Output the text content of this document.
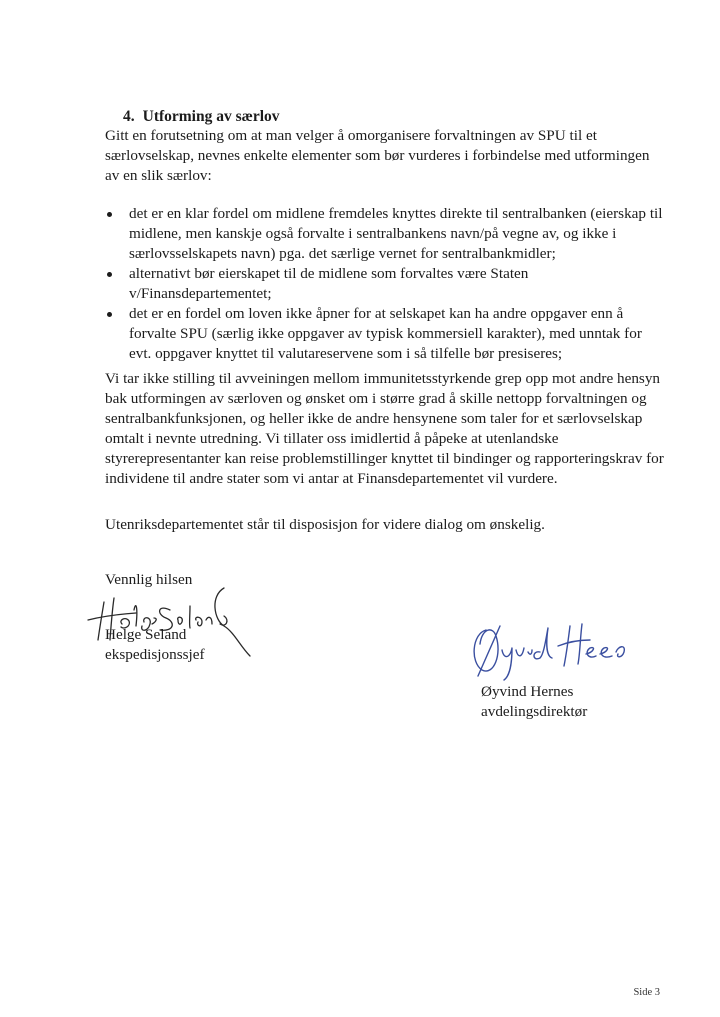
4. Utforming av særlov

Gitt en forutsetning om at man velger å omorganisere forvaltningen av SPU til et særlovselskap, nevnes enkelte elementer som bør vurderes i forbindelse med utformingen av en slik særlov:

det er en klar fordel om midlene fremdeles knyttes direkte til sentralbanken (eierskap til midlene, men kanskje også forvalte i sentralbankens navn/på vegne av, og ikke i særlovsselskapets navn) pga. det særlige vernet for sentralbankmidler;
alternativt bør eierskapet til de midlene som forvaltes være Staten v/Finansdepartementet;
det er en fordel om loven ikke åpner for at selskapet kan ha andre oppgaver enn å forvalte SPU (særlig ikke oppgaver av typisk kommersiell karakter), med unntak for evt. oppgaver knyttet til valutareservene som i så tilfelle bør presiseres;

Vi tar ikke stilling til avveiningen mellom immunitetsstyrkende grep opp mot andre hensyn bak utformingen av særloven og ønsket om i større grad å skille nettopp forvaltningen og sentralbankfunksjonen, og heller ikke de andre hensynene som taler for et særlovselskap omtalt i nevnte utredning. Vi tillater oss imidlertid å påpeke at utenlandske styrerepresentanter kan reise problemstillinger knyttet til bindinger og rapporteringskrav for individene til andre stater som vi antar at Finansdepartementet vil vurdere.

Utenriksdepartementet står til disposisjon for videre dialog om ønskelig.

Vennlig hilsen

Helge Seland
ekspedisjonssjef
Øyvind Hernes
avdelingsdirektør
Side 3
